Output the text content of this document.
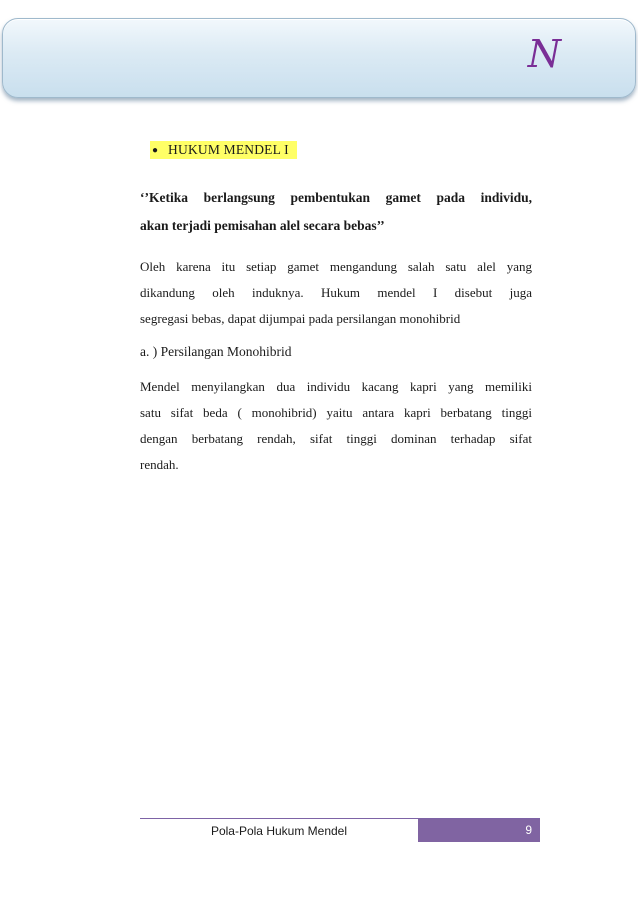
N
● HUKUM MENDEL I
‘’Ketika berlangsung pembentukan gamet pada individu,
akan terjadi pemisahan alel secara bebas’’
Oleh karena itu setiap gamet mengandung salah satu alel yang
dikandung oleh induknya. Hukum mendel I disebut juga
segregasi bebas, dapat dijumpai pada persilangan monohibrid
a. ) Persilangan Monohibrid
Mendel menyilangkan dua individu kacang kapri yang memiliki
satu sifat beda ( monohibrid) yaitu antara kapri berbatang tinggi
dengan berbatang rendah, sifat tinggi dominan terhadap sifat
rendah.
Pola-Pola Hukum Mendel	9
